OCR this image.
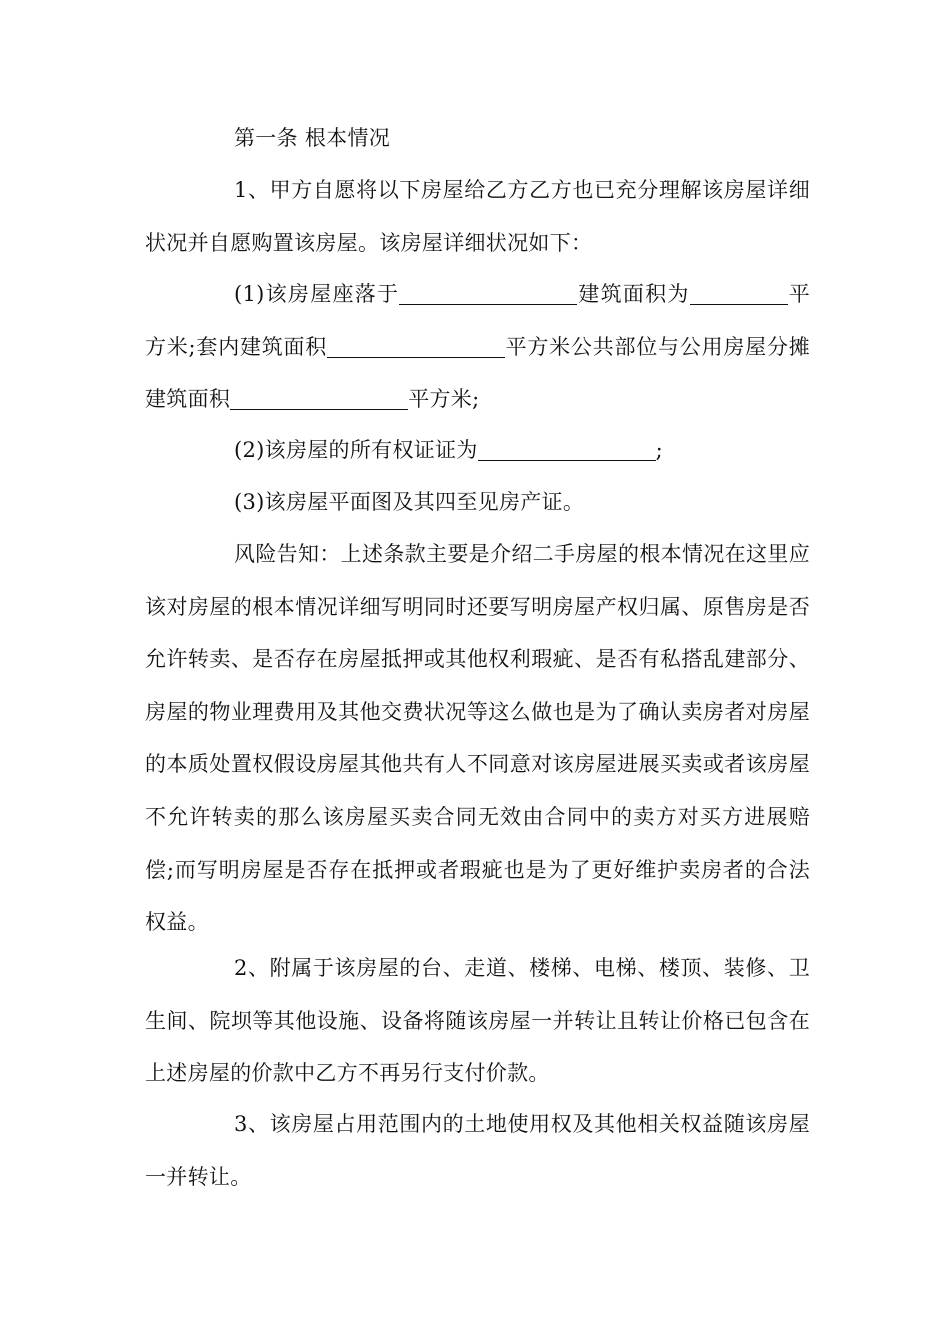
第一条 根本情况

1、甲方自愿将以下房屋给乙方乙方也已充分理解该房屋详细状况并自愿购置该房屋。该房屋详细状况如下：

(1)该房屋座落于	建筑面积为	平方米;套内建筑面积	平方米公共部位与公用房屋分摊建筑面积	平方米;

(2)该房屋的所有权证证为	;

(3)该房屋平面图及其四至见房产证。

风险告知：上述条款主要是介绍二手房屋的根本情况在这里应该对房屋的根本情况详细写明同时还要写明房屋产权归属、原售房是否允许转卖、是否存在房屋抵押或其他权利瑕疵、是否有私搭乱建部分、房屋的物业理费用及其他交费状况等这么做也是为了确认卖房者对房屋的本质处置权假设房屋其他共有人不同意对该房屋进展买卖或者该房屋不允许转卖的那么该房屋买卖合同无效由合同中的卖方对买方进展赔偿;而写明房屋是否存在抵押或者瑕疵也是为了更好维护卖房者的合法权益。

2、附属于该房屋的台、走道、楼梯、电梯、楼顶、装修、卫生间、院坝等其他设施、设备将随该房屋一并转让且转让价格已包含在上述房屋的价款中乙方不再另行支付价款。

3、该房屋占用范围内的土地使用权及其他相关权益随该房屋一并转让。
